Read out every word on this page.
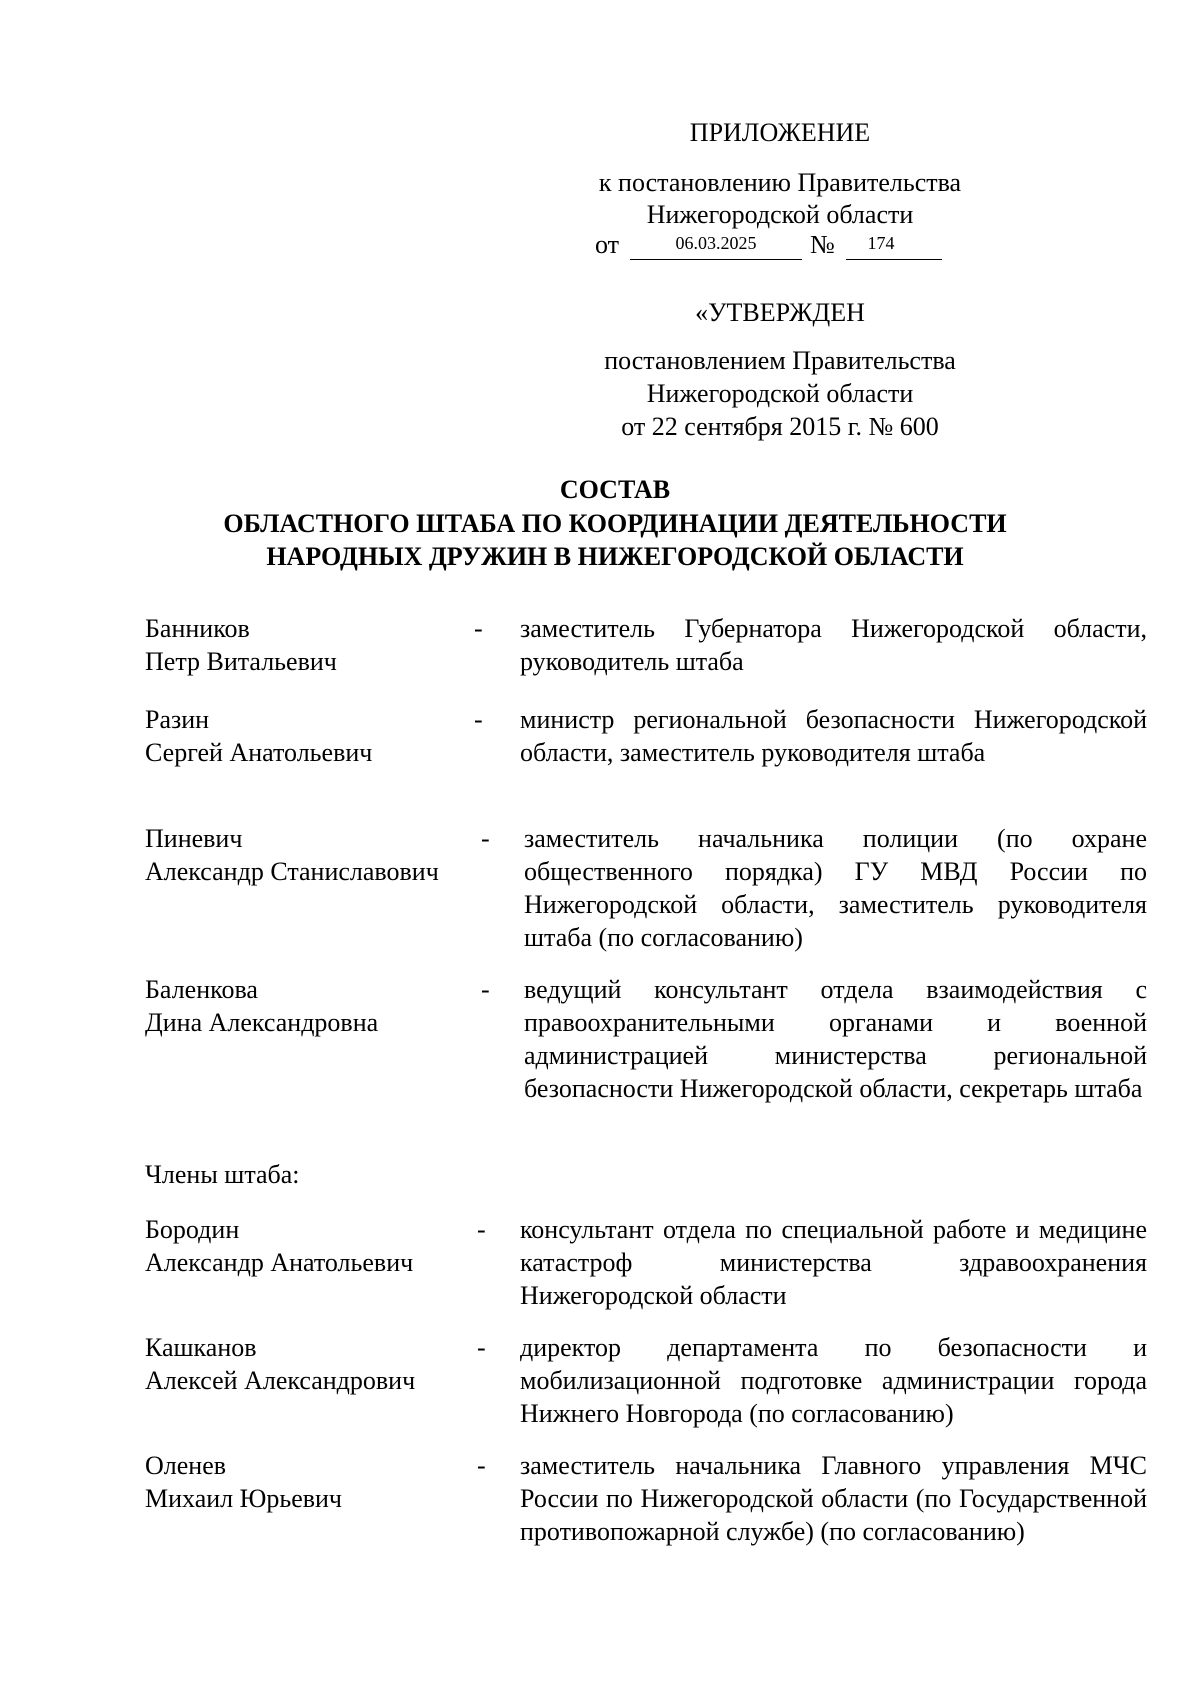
ПРИЛОЖЕНИЕ
к постановлению Правительства
Нижегородской области
от	06.03.2025	№	174
«УТВЕРЖДЕН
постановлением Правительства
Нижегородской области
от 22 сентября 2015 г. № 600
СОСТАВ
ОБЛАСТНОГО ШТАБА ПО КООРДИНАЦИИ ДЕЯТЕЛЬНОСТИ
НАРОДНЫХ ДРУЖИН В НИЖЕГОРОДСКОЙ ОБЛАСТИ
Банников
Петр Витальевич
- заместитель Губернатора Нижегородской области, руководитель штаба
Разин
Сергей Анатольевич
- министр региональной безопасности Нижегородской области, заместитель руководителя штаба
Пиневич
Александр Станиславович
- заместитель начальника полиции (по охране общественного порядка) ГУ МВД России по Нижегородской области, заместитель руководителя штаба (по согласованию)
Баленкова
Дина Александровна
- ведущий консультант отдела взаимодействия с правоохранительными органами и военной администрацией министерства региональной безопасности Нижегородской области, секретарь штаба
Члены штаба:
Бородин
Александр Анатольевич
- консультант отдела по специальной работе и медицине катастроф министерства здравоохранения Нижегородской области
Кашканов
Алексей Александрович
- директор департамента по безопасности и мобилизационной подготовке администрации города Нижнего Новгорода (по согласованию)
Оленев
Михаил Юрьевич
- заместитель начальника Главного управления МЧС России по Нижегородской области (по Государственной противопожарной службе) (по согласованию)
